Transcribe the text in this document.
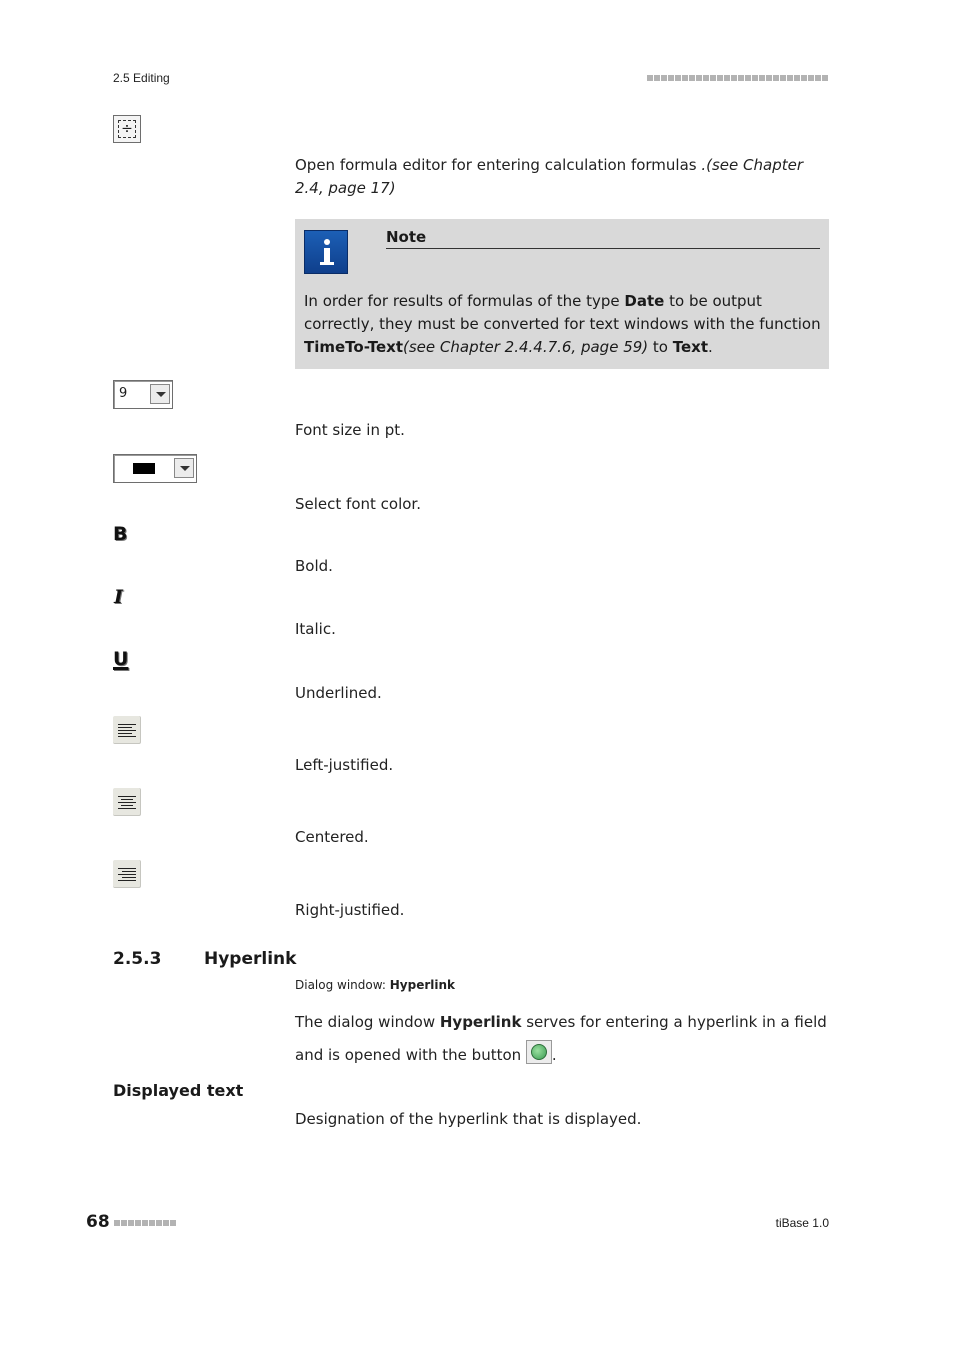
2.5 Editing
÷
Open formula editor for entering calculation formulas .(see Chapter 2.4, page 17)
Note
In order for results of formulas of the type Date to be output correctly, they must be converted for text windows with the function TimeTo-Text(see Chapter 2.4.4.7.6, page 59) to Text.
9
Font size in pt.
Select font color.
B
Bold.
I
Italic.
U
Underlined.
Left-justified.
Centered.
Right-justified.
2.5.3	Hyperlink
Dialog window: Hyperlink
The dialog window Hyperlink serves for entering a hyperlink in a field and is opened with the button
.
Displayed text
Designation of the hyperlink that is displayed.
68	tiBase 1.0
